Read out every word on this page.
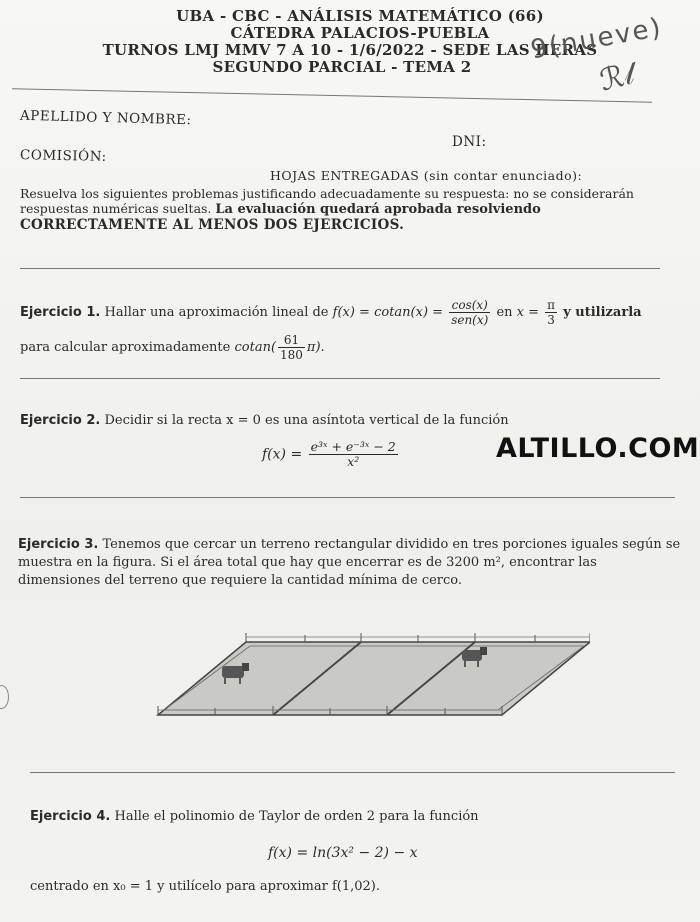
UBA - CBC - ANÁLISIS MATEMÁTICO (66)
CÁTEDRA PALACIOS-PUEBLA
TURNOS LMJ MMV 7 A 10 - 1/6/2022 - SEDE LAS HERAS
SEGUNDO PARCIAL - TEMA 2
9(nueve)
ℛ𝓁
APELLIDO Y NOMBRE:
DNI:
COMISIÓN:
HOJAS ENTREGADAS (sin contar enunciado):
Resuelva los siguientes problemas justificando adecuadamente su respuesta: no se considerarán respuestas numéricas sueltas. La evaluación quedará aprobada resolviendo CORRECTAMENTE AL MENOS DOS EJERCICIOS.
Ejercicio 1. Hallar una aproximación lineal de $f(x) = cotan(x) = \frac{\cos(x)}{\text{sen(x)}}$ en $x = \frac{\pi}{3}$ y utilizarla
para calcular aproximadamente $cotan( \frac{61}{180} \pi)$.
Ejercicio 2. Decidir si la recta x = 0 es una asíntota vertical de la función
$f(x) = \frac{\text{e³ˣ + e⁻³ˣ − 2}}{\text{x²}}$	ALTILLO.COM
Ejercicio 3. Tenemos que cercar un terreno rectangular dividido en tres porciones iguales según se muestra en la figura. Si el área total que hay que encerrar es de 3200 m², encontrar las dimensiones del terreno que requiere la cantidad mínima de cerco.
Ejercicio 4. Halle el polinomio de Taylor de orden 2 para la función
f(x) = ln(3x² − 2) − x
centrado en x₀ = 1 y utilícelo para aproximar f(1,02).
